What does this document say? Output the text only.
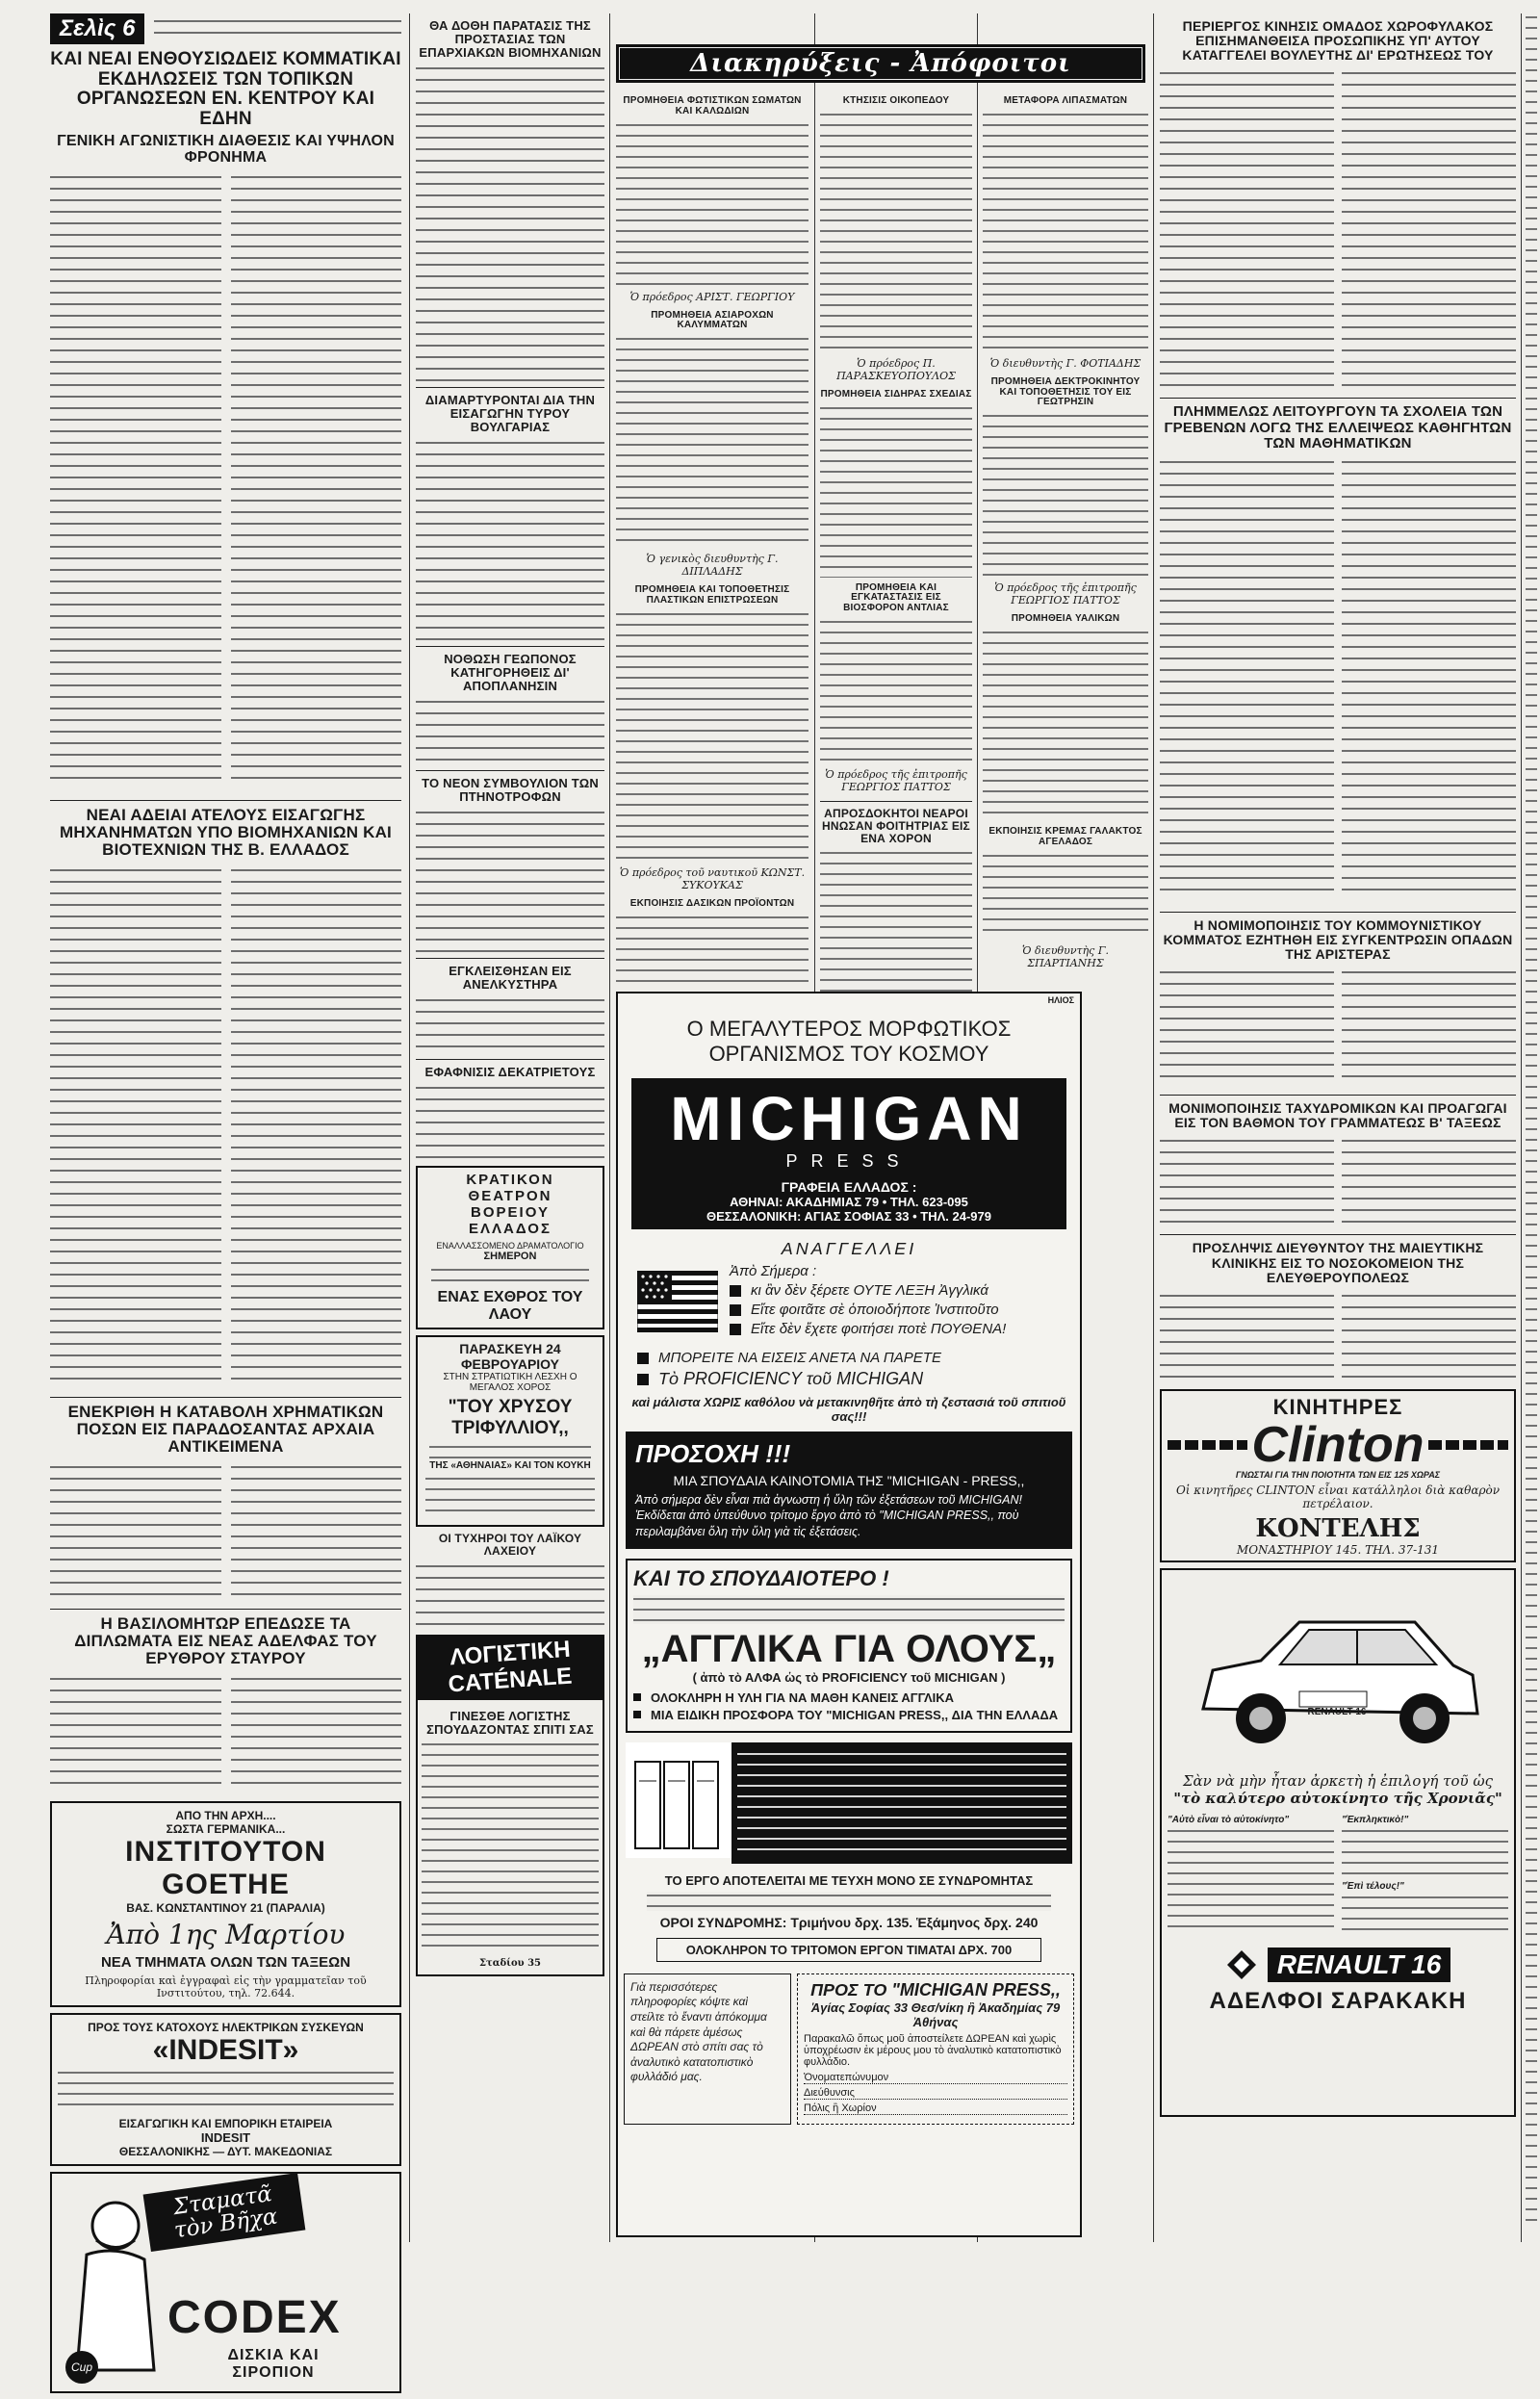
Σελὶς 6
ΚΑΙ ΝΕΑΙ ΕΝΘΟΥΣΙΩΔΕΙΣ ΚΟΜΜΑΤΙΚΑΙ ΕΚΔΗΛΩΣΕΙΣ ΤΩΝ ΤΟΠΙΚΩΝ ΟΡΓΑΝΩΣΕΩΝ ΕΝ. ΚΕΝΤΡΟΥ ΚΑΙ ΕΔΗΝ
ΓΕΝΙΚΗ ΑΓΩΝΙΣΤΙΚΗ ΔΙΑΘΕΣΙΣ ΚΑΙ ΥΨΗΛΟΝ ΦΡΟΝΗΜΑ
ΝΕΑΙ ΑΔΕΙΑΙ ΑΤΕΛΟΥΣ ΕΙΣΑΓΩΓΗΣ ΜΗΧΑΝΗΜΑΤΩΝ ΥΠΟ ΒΙΟΜΗΧΑΝΙΩΝ ΚΑΙ ΒΙΟΤΕΧΝΙΩΝ ΤΗΣ Β. ΕΛΛΑΔΟΣ
ΕΝΕΚΡΙΘΗ Η ΚΑΤΑΒΟΛΗ ΧΡΗΜΑΤΙΚΩΝ ΠΟΣΩΝ ΕΙΣ ΠΑΡΑΔΟΣΑΝΤΑΣ ΑΡΧΑΙΑ ΑΝΤΙΚΕΙΜΕΝΑ
Η ΒΑΣΙΛΟΜΗΤΩΡ ΕΠΕΔΩΣΕ ΤΑ ΔΙΠΛΩΜΑΤΑ ΕΙΣ ΝΕΑΣ ΑΔΕΛΦΑΣ ΤΟΥ ΕΡΥΘΡΟΥ ΣΤΑΥΡΟΥ
ΑΠΟ ΤΗΝ ΑΡΧΗ....
ΣΩΣΤΑ ΓΕΡΜΑΝΙΚΑ...
ΙΝΣΤΙΤΟΥΤΟΝ GOETHE
ΒΑΣ. ΚΩΝΣΤΑΝΤΙΝΟΥ 21 (ΠΑΡΑΛΙΑ)
Ἀπὸ 1ης Μαρτίου
ΝΕΑ ΤΜΗΜΑΤΑ ΟΛΩΝ ΤΩΝ ΤΑΞΕΩΝ
Πληροφορίαι καὶ ἐγγραφαὶ εἰς τὴν γραμματεῖαν τοῦ Ινστιτούτου, τηλ. 72.644.
ΠΡΟΣ ΤΟΥΣ ΚΑΤΟΧΟΥΣ ΗΛΕΚΤΡΙΚΩΝ ΣΥΣΚΕΥΩΝ
«INDESIT»
ΕΙΣΑΓΩΓΙΚΗ ΚΑΙ ΕΜΠΟΡΙΚΗ ΕΤΑΙΡΕΙΑ
INDESIT
ΘΕΣΣΑΛΟΝΙΚΗΣ — ΔΥΤ. ΜΑΚΕΔΟΝΙΑΣ
Σταματᾶ τὸν Βῆχα
Cup
CODEX
ΔΙΣΚΙΑ ΚΑΙ ΣΙΡΟΠΙΟΝ
ΘΑ ΔΟΘΗ ΠΑΡΑΤΑΣΙΣ ΤΗΣ ΠΡΟΣΤΑΣΙΑΣ ΤΩΝ ΕΠΑΡΧΙΑΚΩΝ ΒΙΟΜΗΧΑΝΙΩΝ
ΔΙΑΜΑΡΤΥΡΟΝΤΑΙ ΔΙΑ ΤΗΝ ΕΙΣΑΓΩΓΗΝ ΤΥΡΟΥ ΒΟΥΛΓΑΡΙΑΣ
ΝΟΘΩΣΗ ΓΕΩΠΟΝΟΣ ΚΑΤΗΓΟΡΗΘΕΙΣ ΔΙ' ΑΠΟΠΛΑΝΗΣΙΝ
ΤΟ ΝΕΟΝ ΣΥΜΒΟΥΛΙΟΝ ΤΩΝ ΠΤΗΝΟΤΡΟΦΩΝ
ΕΓΚΛΕΙΣΘΗΣΑΝ ΕΙΣ ΑΝΕΛΚΥΣΤΗΡΑ
ΕΦΑΦΝΙΣΙΣ ΔΕΚΑΤΡΙΕΤΟΥΣ
ΚΡΑΤΙΚΟΝ
ΘΕΑΤΡΟΝ
ΒΟΡΕΙΟΥ
ΕΛΛΑΔΟΣ
ΕΝΑΛΛΑΣΣΟΜΕΝΟ ΔΡΑΜΑΤΟΛΟΓΙΟ
ΣΗΜΕΡΟΝ
ΕΝΑΣ ΕΧΘΡΟΣ ΤΟΥ ΛΑΟΥ
ΠΑΡΑΣΚΕΥΗ 24 ΦΕΒΡΟΥΑΡΙΟΥ
ΣΤΗΝ ΣΤΡΑΤΙΩΤΙΚΗ ΛΕΣΧΗ Ο ΜΕΓΑΛΟΣ ΧΟΡΟΣ
"ΤΟΥ ΧΡΥΣΟΥ ΤΡΙΦΥΛΛΙΟΥ,,
ΤΗΣ «ΑΘΗΝΑΙΑΣ» ΚΑΙ ΤΟΝ ΚΟΥΚΗ
ΟΙ ΤΥΧΗΡΟΙ ΤΟΥ ΛΑΪΚΟΥ ΛΑΧΕΙΟΥ
ΛΟΓΙΣΤΙΚΗ
CATÉNALE
ΓΙΝΕΣΘΕ ΛΟΓΙΣΤΗΣ ΣΠΟΥΔΑΖΟΝΤΑΣ ΣΠΙΤΙ ΣΑΣ
Σταδίου 35
Διακηρύξεις - Ἀπόφοιτοι
ΠΡΟΜΗΘΕΙΑ ΦΩΤΙΣΤΙΚΩΝ ΣΩΜΑΤΩΝ ΚΑΙ ΚΑΛΩΔΙΩΝ
Ὁ πρόεδρος ΑΡΙΣΤ. ΓΕΩΡΓΙΟΥ
ΠΡΟΜΗΘΕΙΑ ΑΣΙΑΡΟΧΩΝ ΚΑΛΥΜΜΑΤΩΝ
Ὁ γενικὸς διευθυντὴς Γ. ΔΙΠΛΑΔΗΣ
ΠΡΟΜΗΘΕΙΑ ΚΑΙ ΤΟΠΟΘΕΤΗΣΙΣ ΠΛΑΣΤΙΚΩΝ ΕΠΙΣΤΡΩΣΕΩΝ
Ὁ πρόεδρος τοῦ ναυτικοῦ ΚΩΝΣΤ. ΣΥΚΟΥΚΑΣ
ΕΚΠΟΙΗΣΙΣ ΔΑΣΙΚΩΝ ΠΡΟΪΟΝΤΩΝ
ΚΤΗΣΙΣΙΣ ΟΙΚΟΠΕΔΟΥ
Ὁ πρόεδρος Π. ΠΑΡΑΣΚΕΥΟΠΟΥΛΟΣ
ΠΡΟΜΗΘΕΙΑ ΣΙΔΗΡΑΣ ΣΧΕΔΙΑΣ
ΠΡΟΜΗΘΕΙΑ ΚΑΙ ΕΓΚΑΤΑΣΤΑΣΙΣ ΕΙΣ ΒΙΟΣΦΟΡΟΝ ΑΝΤΛΙΑΣ
Ὁ πρόεδρος τῆς ἐπιτροπῆς ΓΕΩΡΓΙΟΣ ΠΑΤΤΟΣ
ΑΠΡΟΣΔΟΚΗΤΟΙ ΝΕΑΡΟΙ ΗΝΩΣΑΝ ΦΟΙΤΗΤΡΙΑΣ ΕΙΣ ΕΝΑ ΧΟΡΟΝ
ΜΕΤΑΦΟΡΑ ΛΙΠΑΣΜΑΤΩΝ
Ὁ διευθυντὴς Γ. ΦΟΤΙΑΔΗΣ
ΠΡΟΜΗΘΕΙΑ ΔΕΚΤΡΟΚΙΝΗΤΟΥ ΚΑΙ ΤΟΠΟΘΕΤΗΣΙΣ ΤΟΥ ΕΙΣ ΓΕΩΤΡΗΣΙΝ
Ὁ πρόεδρος τῆς ἐπιτροπῆς ΓΕΩΡΓΙΟΣ ΠΑΤΤΟΣ
ΠΡΟΜΗΘΕΙΑ ΥΑΛΙΚΩΝ
ΕΚΠΟΙΗΣΙΣ ΚΡΕΜΑΣ ΓΑΛΑΚΤΟΣ ΑΓΕΛΑΔΟΣ
Ὁ διευθυντὴς Γ. ΣΠΑΡΤΙΑΝΗΣ
ΗΛΙΟΣ
Ο ΜΕΓΑΛΥΤΕΡΟΣ ΜΟΡΦΩΤΙΚΟΣ
ΟΡΓΑΝΙΣΜΟΣ ΤΟΥ ΚΟΣΜΟΥ
MICHIGAN
PRESS
ΓΡΑΦΕΙΑ ΕΛΛΑΔΟΣ :
ΑΘΗΝΑΙ: ΑΚΑΔΗΜΙΑΣ 79 • ΤΗΛ. 623-095
ΘΕΣΣΑΛΟΝΙΚΗ: ΑΓΙΑΣ ΣΟΦΙΑΣ 33 • ΤΗΛ. 24-979
ΑΝΑΓΓΕΛΛΕΙ
Ἀπὸ Σήμερα :
κι ἂν δὲν ξέρετε ΟΥΤΕ ΛΕΞΗ Ἀγγλικά
Εἴτε φοιτᾶτε σὲ ὁποιοδήποτε Ἰνστιτοῦτο
Εἴτε δὲν ἔχετε φοιτήσει ποτὲ ΠΟΥΘΕΝΑ!
ΜΠΟΡΕΙΤΕ ΝΑ ΕΙΣΕΙΣ ΑΝΕΤΑ ΝΑ ΠΑΡΕΤΕ
Τὸ PROFICIENCY τοῦ MICHIGAN
καὶ μάλιστα ΧΩΡΙΣ καθόλου νὰ μετακινηθῆτε ἀπὸ τὴ ζεστασιά τοῦ σπιτιοῦ σας!!!
ΠΡΟΣΟΧΗ !!!
ΜΙΑ ΣΠΟΥΔΑΙΑ ΚΑΙΝΟΤΟΜΙΑ ΤΗΣ "MICHIGAN - PRESS,,
Ἀπὸ σήμερα δὲν εἶναι πιὰ ἀγνωστη ἡ ὕλη τῶν ἐξετάσεων τοῦ MICHIGAN! Ἐκδίδεται ἀπὸ ὑπεύθυνο τρίτομο ἔργο ἀπὸ τὸ "MICHIGAN PRESS,, ποὺ περιλαμβάνει ὅλη τὴν ὕλη γιὰ τὶς ἐξετάσεις.
ΚΑΙ ΤΟ ΣΠΟΥΔΑΙΟΤΕΡΟ !
„ΑΓΓΛΙΚΑ ΓΙΑ ΟΛΟΥΣ„
( ἀπὸ τὸ ΑΛΦΑ ὡς τὸ PROFICIENCY τοῦ MICHIGAN )
ΟΛΟΚΛΗΡΗ Η ΥΛΗ ΓΙΑ ΝΑ ΜΑΘΗ ΚΑΝΕΙΣ ΑΓΓΛΙΚΑ
ΜΙΑ ΕΙΔΙΚΗ ΠΡΟΣΦΟΡΑ ΤΟΥ "MICHIGAN PRESS,, ΔΙΑ ΤΗΝ ΕΛΛΑΔΑ
ΤΟ ΕΡΓΟ ΑΠΟΤΕΛΕΙΤΑΙ ΜΕ ΤΕΥΧΗ ΜΟΝΟ ΣΕ ΣΥΝΔΡΟΜΗΤΑΣ
ΟΡΟΙ ΣΥΝΔΡΟΜΗΣ: Τριμήνου δρχ. 135. Ἑξάμηνος δρχ. 240
ΟΛΟΚΛΗΡΟΝ ΤΟ ΤΡΙΤΟΜΟΝ ΕΡΓΟΝ ΤΙΜΑΤΑΙ ΔΡΧ. 700
Γιὰ περισσότερες πληροφορίες κόψτε καὶ στείλτε τὸ ἔναντι ἀπόκομμα καὶ θὰ πάρετε ἀμέσως ΔΩΡΕΑΝ στὸ σπίτι σας τὸ ἀναλυτικὸ κατατοπιστικὸ φυλλάδιό μας.
ΠΡΟΣ ΤΟ "MICHIGAN PRESS,,
Ἁγίας Σοφίας 33 Θεσ/νίκη ἢ Ἀκαδημίας 79 Ἀθήνας
Παρακαλῶ ὅπως μοῦ ἀποστείλετε ΔΩΡΕΑΝ καὶ χωρὶς ὑποχρέωσιν ἐκ μέρους μου τὸ ἀναλυτικὸ κατατοπιστικὸ φυλλάδιο.
Ὀνοματεπώνυμον
Διεύθυνσις
Πόλις ἢ Χωρίον
ΠΕΡΙΕΡΓΟΣ ΚΙΝΗΣΙΣ ΟΜΑΔΟΣ ΧΩΡΟΦΥΛΑΚΟΣ ΕΠΙΣΗΜΑΝΘΕΙΣΑ ΠΡΟΣΩΠΙΚΗΣ ΥΠ' ΑΥΤΟΥ ΚΑΤΑΓΓΕΛΕΙ ΒΟΥΛΕΥΤΗΣ ΔΙ' ΕΡΩΤΗΣΕΩΣ ΤΟΥ
ΠΛΗΜΜΕΛΩΣ ΛΕΙΤΟΥΡΓΟΥΝ ΤΑ ΣΧΟΛΕΙΑ ΤΩΝ ΓΡΕΒΕΝΩΝ ΛΟΓΩ ΤΗΣ ΕΛΛΕΙΨΕΩΣ ΚΑΘΗΓΗΤΩΝ ΤΩΝ ΜΑΘΗΜΑΤΙΚΩΝ
Η ΝΟΜΙΜΟΠΟΙΗΣΙΣ ΤΟΥ ΚΟΜΜΟΥΝΙΣΤΙΚΟΥ ΚΟΜΜΑΤΟΣ ΕΖΗΤΗΘΗ ΕΙΣ ΣΥΓΚΕΝΤΡΩΣΙΝ ΟΠΑΔΩΝ ΤΗΣ ΑΡΙΣΤΕΡΑΣ
ΜΟΝΙΜΟΠΟΙΗΣΙΣ ΤΑΧΥΔΡΟΜΙΚΩΝ ΚΑΙ ΠΡΟΑΓΩΓΑΙ ΕΙΣ ΤΟΝ ΒΑΘΜΟΝ ΤΟΥ ΓΡΑΜΜΑΤΕΩΣ Β' ΤΑΞΕΩΣ
ΠΡΟΣΛΗΨΙΣ ΔΙΕΥΘΥΝΤΟΥ ΤΗΣ ΜΑΙΕΥΤΙΚΗΣ ΚΛΙΝΙΚΗΣ ΕΙΣ ΤΟ ΝΟΣΟΚΟΜΕΙΟΝ ΤΗΣ ΕΛΕΥΘΕΡΟΥΠΟΛΕΩΣ
ΚΙΝΗΤΗΡΕΣ
Clinton
ΓΝΩΣΤΑΙ ΓΙΑ ΤΗΝ ΠΟΙΟΤΗΤΑ ΤΩΝ ΕΙΣ 125 ΧΩΡΑΣ
Οἱ κινητῆρες CLINTON εἶναι κατάλληλοι διὰ καθαρὸν πετρέλαιον.
ΚΟΝΤΕΛΗΣ
ΜΟΝΑΣΤΗΡΙΟΥ 145. ΤΗΛ. 37-131
RENAULT 16
Σὰν νὰ μὴν ἦταν ἀρκετὴ ἡ ἐπιλογή τοῦ ὡς
"τὸ καλύτερο αὐτοκίνητο τῆς Χρονιᾶς"
"Αὐτὸ εἶναι τὸ αὐτοκίνητο"	"Ἐκπληκτικὸ!"
"Ἐπὶ τέλους!"
RENAULT 16
ΑΔΕΛΦΟΙ ΣΑΡΑΚΑΚΗ
